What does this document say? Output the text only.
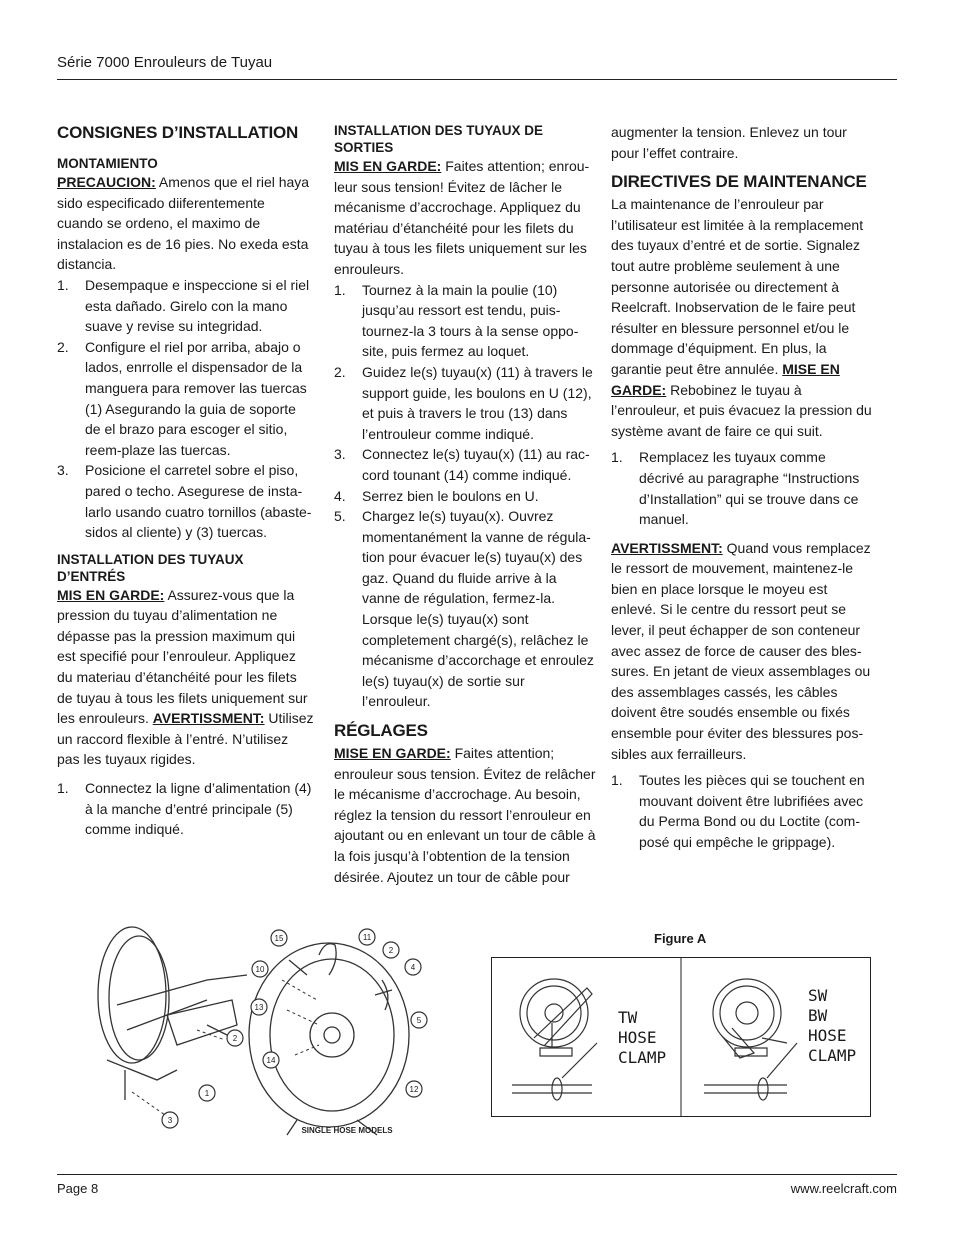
Série 7000 Enrouleurs de Tuyau
CONSIGNES D’INSTALLATION
MONTAMIENTO

PRECAUCION: Amenos que el riel haya sido especificado diiferentemente cuando se ordeno, el maximo de instalacion es de 16 pies. No exeda esta distancia.

1. Desempaque e inspeccione si el riel esta dañado. Girelo con la mano suave y revise su integridad.
2. Configure el riel por arriba, abajo o lados, enrrolle el dispensador de la manguera para remover las tuercas (1) Asegurando la guia de soporte de el brazo para escoger el sitio, reem-plaze las tuercas.
3. Posicione el carretel sobre el piso, pared o techo. Asegurese de insta-larlo usando cuatro tornillos (abaste-sidos al cliente) y (3) tuercas.
INSTALLATION DES TUYAUX D’ENTRÉS

MIS EN GARDE: Assurez-vous que la pression du tuyau d’alimentation ne dépasse pas la pression maximum qui est specifié pour l’enrouleur. Appliquez du materiau d’étanchéité pour les filets de tuyau à tous les filets uniquement sur les enrouleurs. AVERTISSMENT: Utilisez un raccord flexible à l’entré. N’utilisez pas les tuyaux rigides.

1. Connectez la ligne d’alimentation (4) à la manche d’entré principale (5) comme indiqué.
INSTALLATION DES TUYAUX DE SORTIES

MIS EN GARDE: Faites attention; enrou-leur sous tension! Évitez de lâcher le mécanisme d’accrochage. Appliquez du matériau d’étanchéité pour les filets du tuyau à tous les filets uniquement sur les enrouleurs.

1. Tournez à la main la poulie (10) jusqu’au ressort est tendu, puis-tournez-la 3 tours à la sense oppo-site, puis fermez au loquet.
2. Guidez le(s) tuyau(x) (11) à travers le support guide, les boulons en U (12), et puis à travers le trou (13) dans l’entrouleur comme indiqué.
3. Connectez le(s) tuyau(x) (11) au rac-cord tounant (14) comme indiqué.
4. Serrez bien le boulons en U.
5. Chargez le(s) tuyau(x). Ouvrez momentanément la vanne de régula-tion pour évacuer le(s) tuyau(x) des gaz. Quand du fluide arrive à la vanne de régulation, fermez-la. Lorsque le(s) tuyau(x) sont completement chargé(s), relâchez le mécanisme d’accorchage et enroulez le(s) tuyau(x) de sortie sur l’enrouleur.
RÉGLAGES

MISE EN GARDE: Faites attention; enrouleur sous tension. Évitez de relâcher le mécanisme d’accrochage. Au besoin, réglez la tension du ressort l’enrouleur en ajoutant ou en enlevant un tour de câble à la fois jusqu’à l’obtention de la tension désirée. Ajoutez un tour de câble pour

augmenter la tension. Enlevez un tour pour l’effet contraire.

DIRECTIVES DE MAINTENANCE

La maintenance de l’enrouleur par l’utilisateur est limitée à la remplacement des tuyaux d’entré et de sortie. Signalez tout autre problème seulement à une personne autorisée ou directement à Reelcraft. Inobservation de le faire peut résulter en blessure personnel et/ou le dommage d’équipment. En plus, la garantie peut être annulée. MISE EN GARDE: Rebobinez le tuyau à l’enrouleur, et puis évacuez la pression du système avant de faire ce qui suit.

1. Remplacez les tuyaux comme décrivé au paragraphe “Instructions d’Installation” qui se trouve dans ce manuel.

AVERTISSMENT: Quand vous remplacez le ressort de mouvement, maintenez-le bien en place lorsque le moyeu est enlevé. Si le centre du ressort peut se lever, il peut échapper de son conteneur avec assez de force de causer des bles-sures. En jetant de vieux assemblages ou des assemblages cassés, les câbles doivent être soudés ensemble ou fixés ensemble pour éviter des blessures pos-sibles aux ferrailleurs.

1. Toutes les pièces qui se touchent en mouvant doivent être lubrifiées avec du Perma Bond ou du Loctite (com-posé qui empêche le grippage).
15	11
2
4
10
13
5
14
12
2
1
3
SINGLE HOSE MODELS
Figure A
TW
HOSE
CLAMP
SW
BW
HOSE
CLAMP
Page 8	www.reelcraft.com
